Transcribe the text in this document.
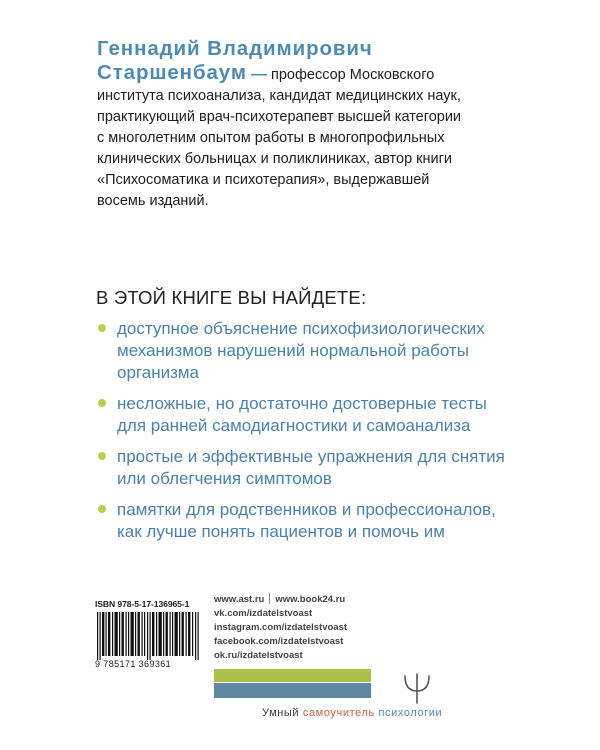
Геннадий Владимирович
Старшенбаум — профессор Московского
института психоанализа, кандидат медицинских наук,
практикующий врач-психотерапевт высшей категории
с многолетним опытом работы в многопрофильных
клинических больницах и поликлиниках, автор книги
«Психосоматика и психотерапия», выдержавшей
восемь изданий.
В ЭТОЙ КНИГЕ ВЫ НАЙДЕТЕ:
доступное объяснение психофизиологических
механизмов нарушений нормальной работы
организма
несложные, но достаточно достоверные тесты
для ранней самодиагностики и самоанализа
простые и эффективные упражнения для снятия
или облегчения симптомов
памятки для родственников и профессионалов,
как лучше понять пациентов и помочь им
ISBN 978-5-17-136965-1
9 785171 369361
www.ast.ru www.book24.ru
vk.com/izdatelstvoast
instagram.com/izdatelstvoast
facebook.com/izdatelstvoast
ok.ru/izdatelstvoast
Умный самоучитель психологии
